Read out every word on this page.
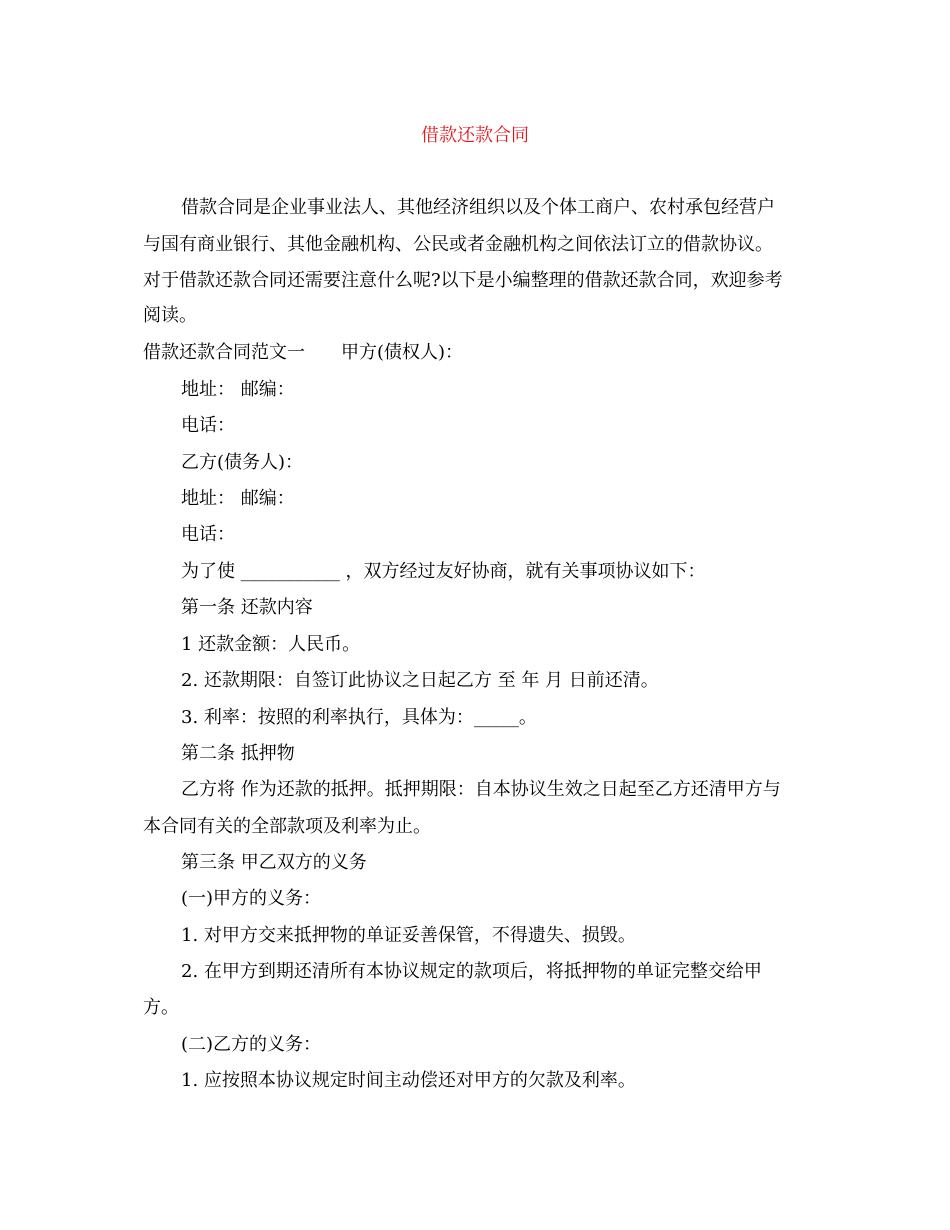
借款还款合同
借款合同是企业事业法人、其他经济组织以及个体工商户、农村承包经营户
与国有商业银行、其他金融机构、公民或者金融机构之间依法订立的借款协议。
对于借款还款合同还需要注意什么呢?以下是小编整理的借款还款合同，欢迎参考
阅读。
借款还款合同范文一 甲方(债权人)：
地址： 邮编：
电话：
乙方(债务人)：
地址： 邮编：
电话：
为了使 ___________ ，双方经过友好协商，就有关事项协议如下：
第一条 还款内容
1 还款金额：人民币。
2. 还款期限：自签订此协议之日起乙方 至 年 月 日前还清。
3. 利率：按照的利率执行，具体为：_____。
第二条 抵押物
乙方将 作为还款的抵押。抵押期限：自本协议生效之日起至乙方还清甲方与
本合同有关的全部款项及利率为止。
第三条 甲乙双方的义务
(一)甲方的义务：
1. 对甲方交来抵押物的单证妥善保管，不得遗失、损毁。
2. 在甲方到期还清所有本协议规定的款项后，将抵押物的单证完整交给甲
方。
(二)乙方的义务：
1. 应按照本协议规定时间主动偿还对甲方的欠款及利率。
